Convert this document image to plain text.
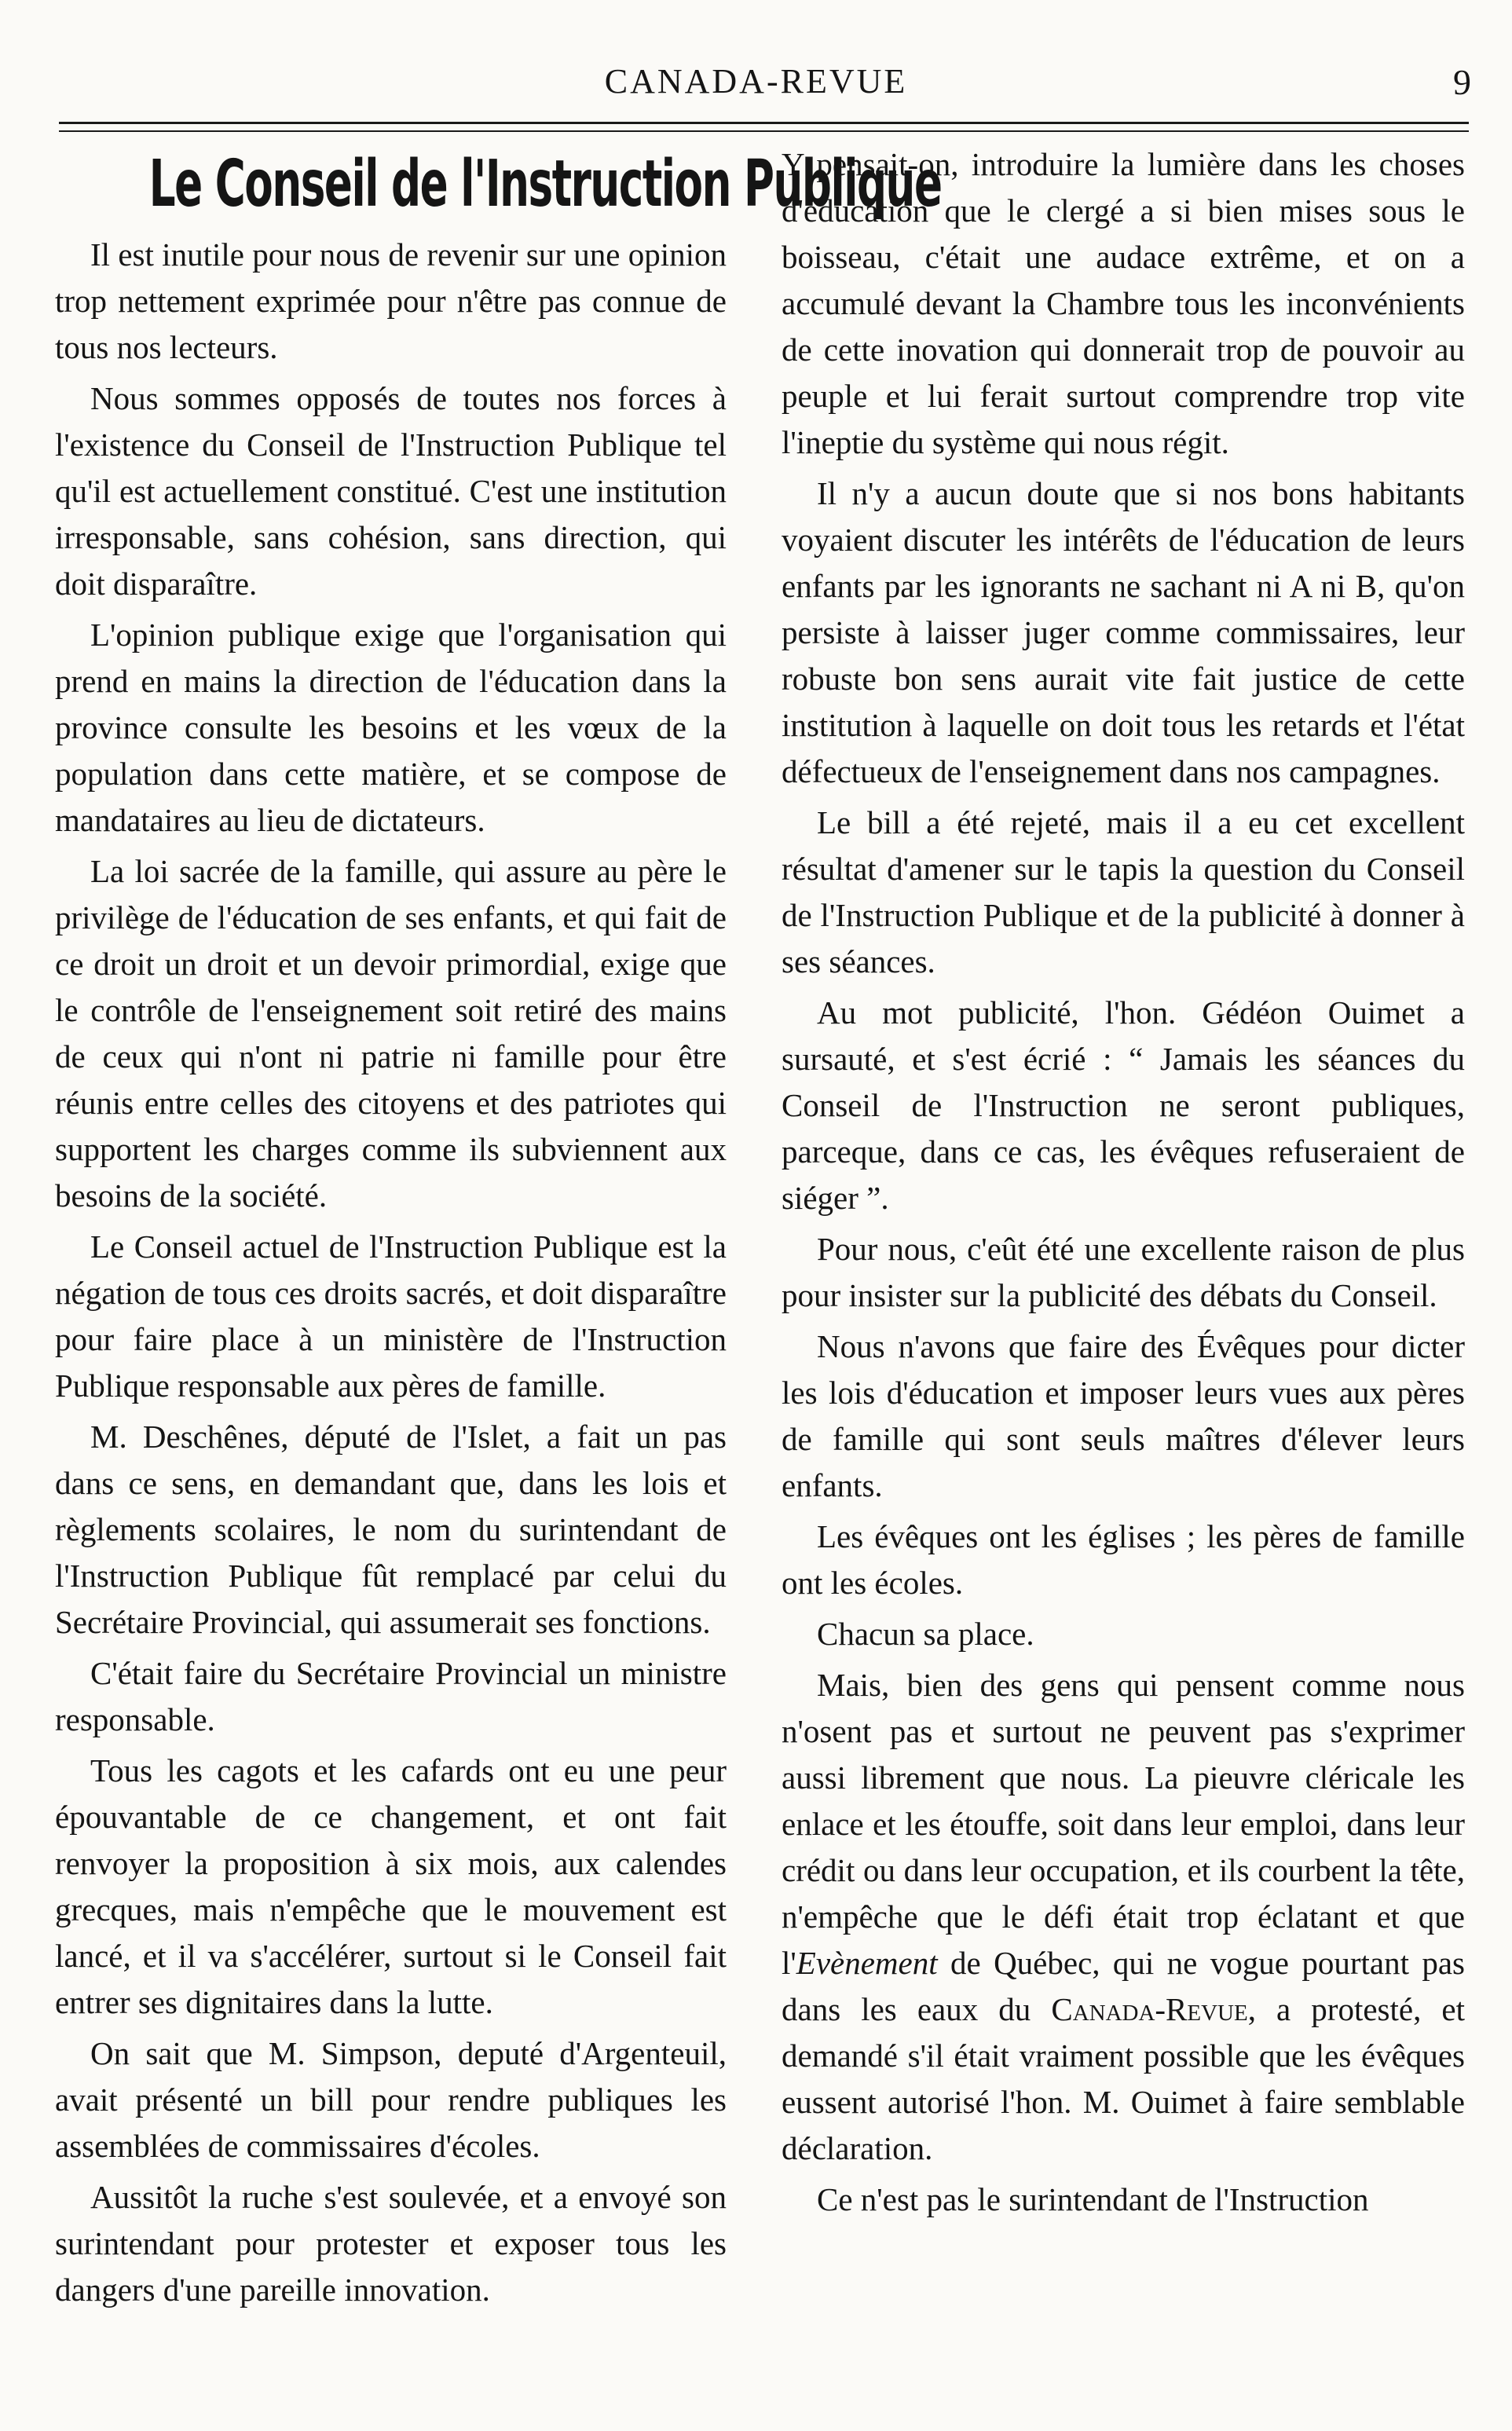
CANADA-REVUE	9
Le Conseil de l'Instruction Publique

Il est inutile pour nous de revenir sur une opinion trop nettement exprimée pour n'être pas connue de tous nos lecteurs.

Nous sommes opposés de toutes nos forces à l'existence du Conseil de l'Instruction Publique tel qu'il est actuellement constitué. C'est une institution irresponsable, sans cohésion, sans direction, qui doit disparaître.

L'opinion publique exige que l'organisation qui prend en mains la direction de l'éducation dans la province consulte les besoins et les vœux de la population dans cette matière, et se compose de mandataires au lieu de dictateurs.

La loi sacrée de la famille, qui assure au père le privilège de l'éducation de ses enfants, et qui fait de ce droit un droit et un devoir primordial, exige que le contrôle de l'enseignement soit retiré des mains de ceux qui n'ont ni patrie ni famille pour être réunis entre celles des citoyens et des patriotes qui supportent les charges comme ils subviennent aux besoins de la société.

Le Conseil actuel de l'Instruction Publique est la négation de tous ces droits sacrés, et doit disparaître pour faire place à un ministère de l'Instruction Publique responsable aux pères de famille.

M. Deschênes, député de l'Islet, a fait un pas dans ce sens, en demandant que, dans les lois et règlements scolaires, le nom du surintendant de l'Instruction Publique fût remplacé par celui du Secrétaire Provincial, qui assumerait ses fonctions.

C'était faire du Secrétaire Provincial un ministre responsable.

Tous les cagots et les cafards ont eu une peur épouvantable de ce changement, et ont fait renvoyer la proposition à six mois, aux calendes grecques, mais n'empêche que le mouvement est lancé, et il va s'accélérer, surtout si le Conseil fait entrer ses dignitaires dans la lutte.

On sait que M. Simpson, deputé d'Argenteuil, avait présenté un bill pour rendre publiques les assemblées de commissaires d'écoles.

Aussitôt la ruche s'est soulevée, et a envoyé son surintendant pour protester et exposer tous les dangers d'une pareille innovation.

Y pensait-on, introduire la lumière dans les choses d'éducation que le clergé a si bien mises sous le boisseau, c'était une audace extrême, et on a accumulé devant la Chambre tous les inconvénients de cette inovation qui donnerait trop de pouvoir au peuple et lui ferait surtout comprendre trop vite l'ineptie du système qui nous régit.

Il n'y a aucun doute que si nos bons habitants voyaient discuter les intérêts de l'éducation de leurs enfants par les ignorants ne sachant ni A ni B, qu'on persiste à laisser juger comme commissaires, leur robuste bon sens aurait vite fait justice de cette institution à laquelle on doit tous les retards et l'état défectueux de l'enseignement dans nos campagnes.

Le bill a été rejeté, mais il a eu cet excellent résultat d'amener sur le tapis la question du Conseil de l'Instruction Publique et de la publicité à donner à ses séances.

Au mot publicité, l'hon. Gédéon Ouimet a sursauté, et s'est écrié : “ Jamais les séances du Conseil de l'Instruction ne seront publiques, parceque, dans ce cas, les évêques refuseraient de siéger ”.

Pour nous, c'eût été une excellente raison de plus pour insister sur la publicité des débats du Conseil.

Nous n'avons que faire des Évêques pour dicter les lois d'éducation et imposer leurs vues aux pères de famille qui sont seuls maîtres d'élever leurs enfants.

Les évêques ont les églises ; les pères de famille ont les écoles.

Chacun sa place.

Mais, bien des gens qui pensent comme nous n'osent pas et surtout ne peuvent pas s'exprimer aussi librement que nous. La pieuvre cléricale les enlace et les étouffe, soit dans leur emploi, dans leur crédit ou dans leur occupation, et ils courbent la tête, n'empêche que le défi était trop éclatant et que l'Evènement de Québec, qui ne vogue pourtant pas dans les eaux du Canada-Revue, a protesté, et demandé s'il était vraiment possible que les évêques eussent autorisé l'hon. M. Ouimet à faire semblable déclaration.

Ce n'est pas le surintendant de l'Instruction
